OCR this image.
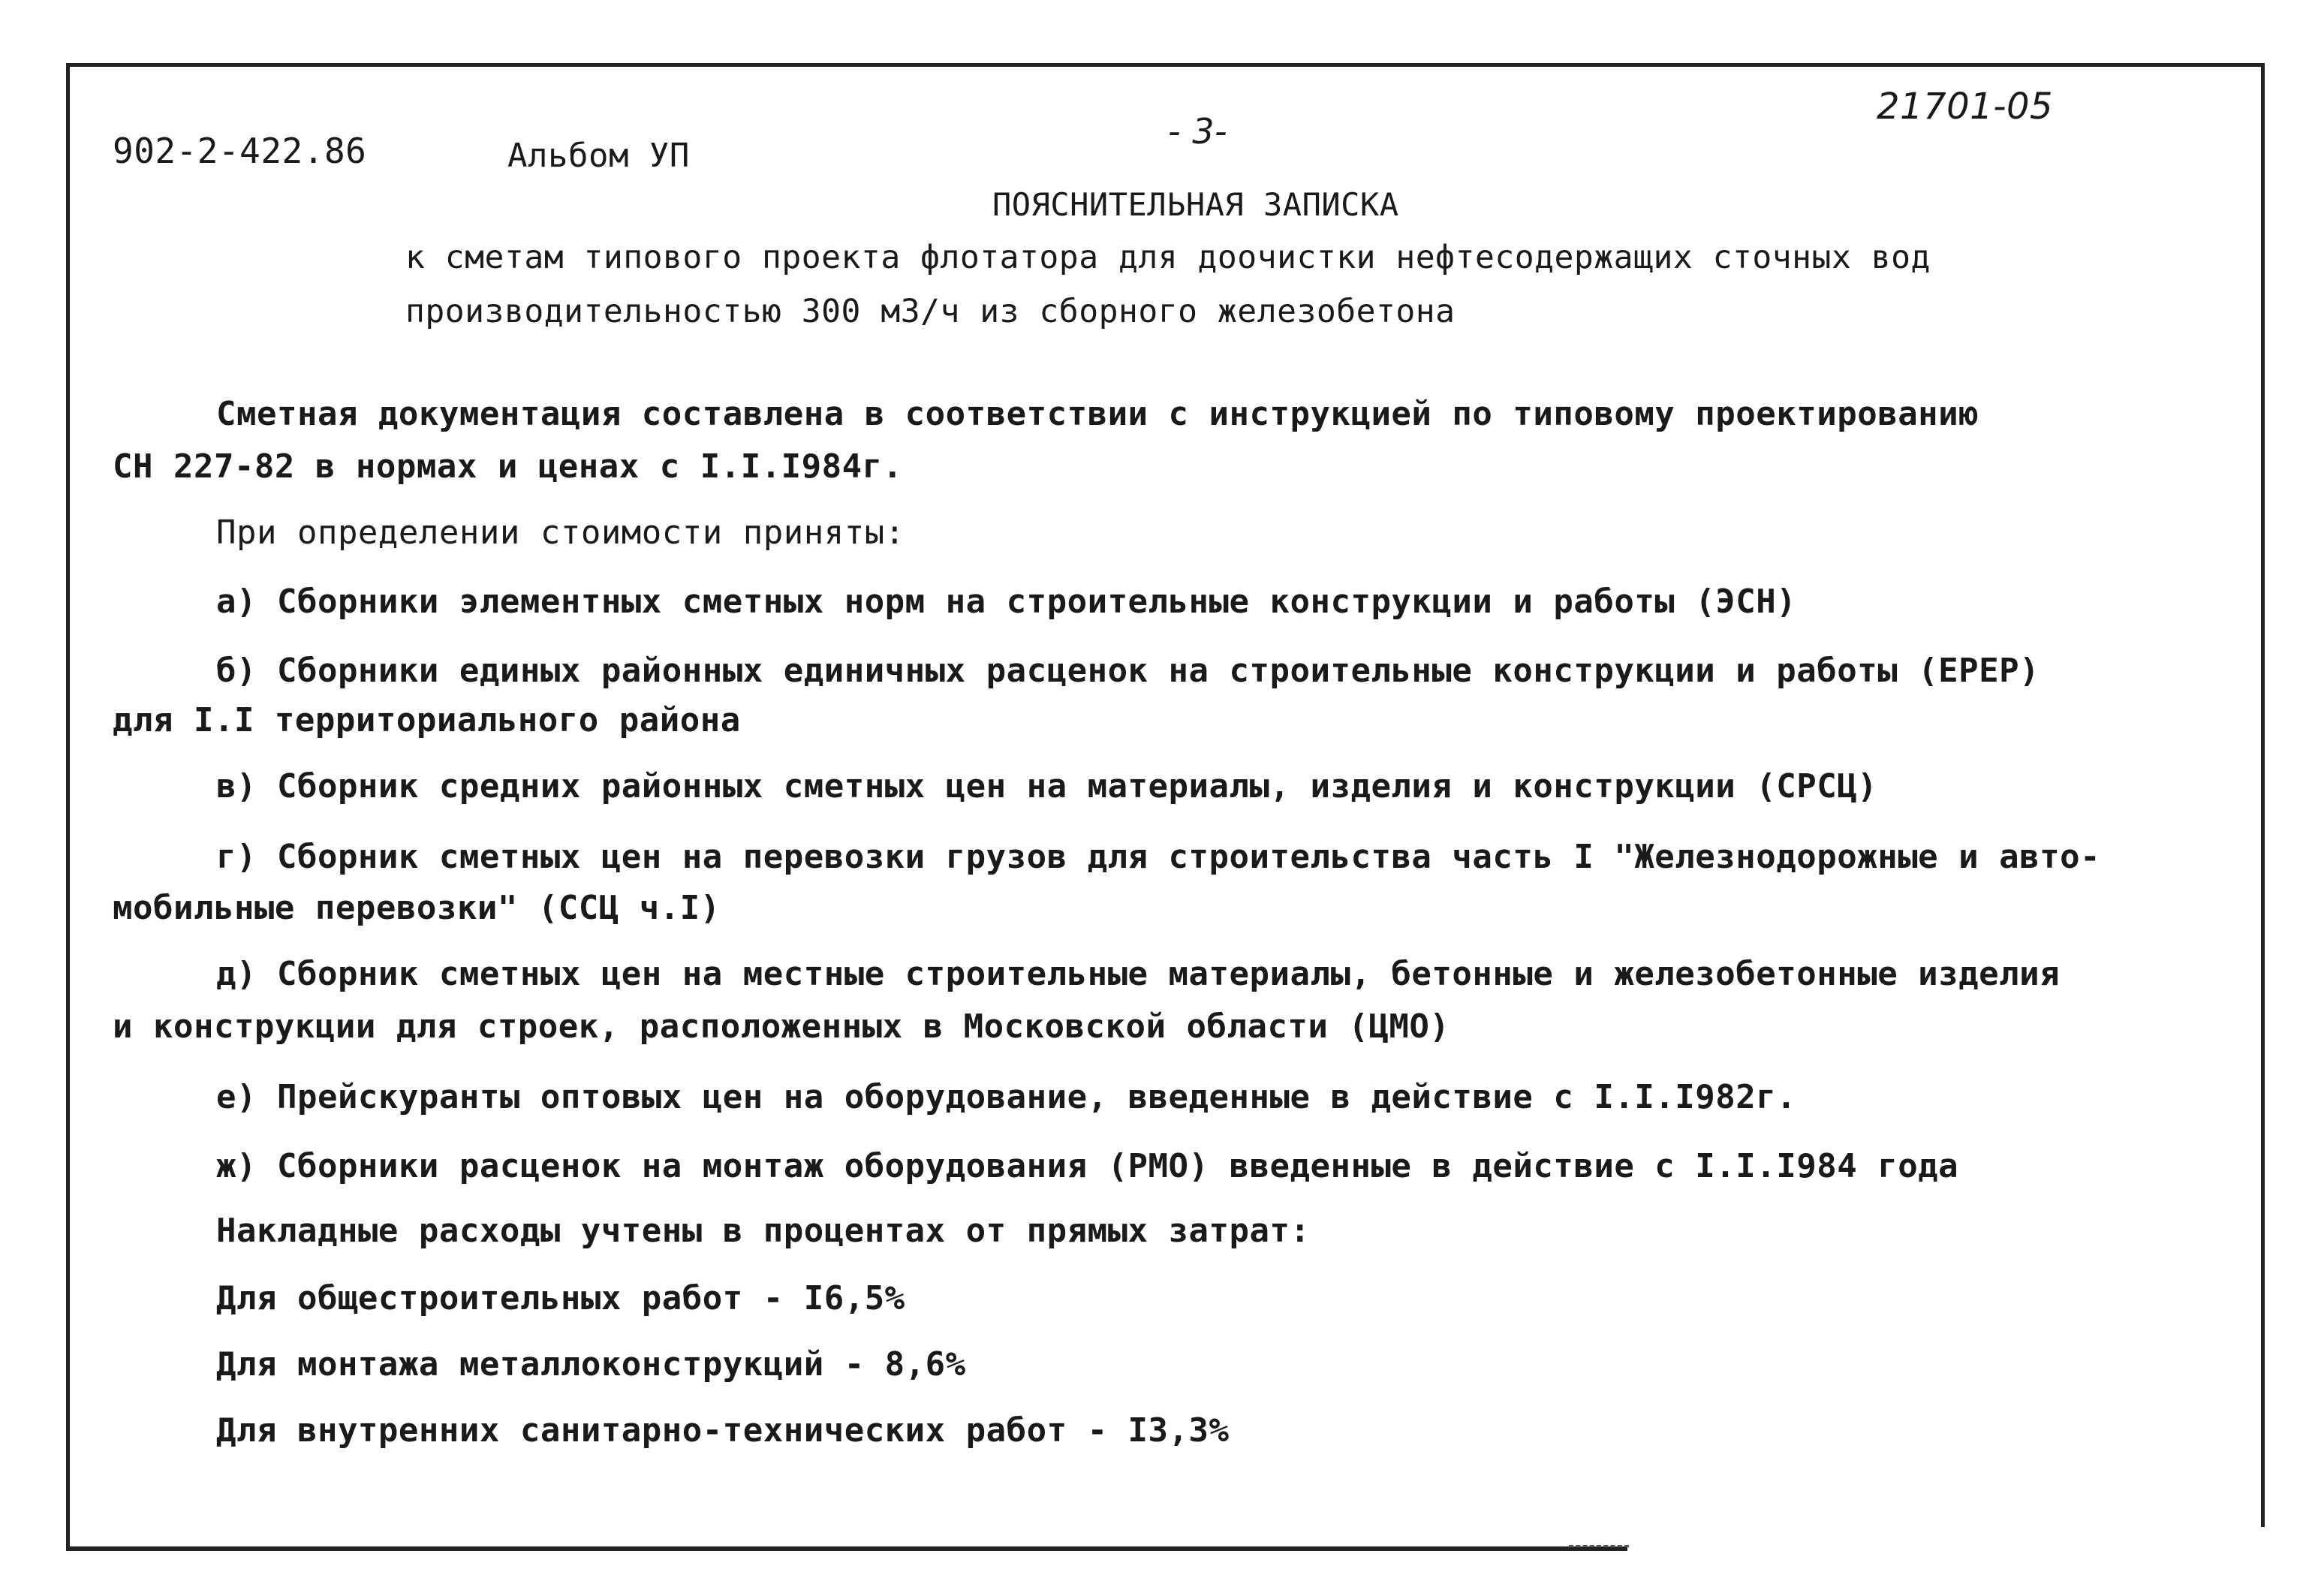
902-2-422.86	Альбом УП
- 3-
21701-05
ПОЯСНИТЕЛЬНАЯ ЗАПИСКА
к сметам типового проекта флотатора для доочистки нефтесодержащих сточных вод
производительностью 300 м3/ч из сборного железобетона
Сметная документация составлена в соответствии с инструкцией по типовому проектированию
СН 227-82 в нормах и ценах с I.I.I984г.
При определении стоимости приняты:
а) Сборники элементных сметных норм на строительные конструкции и работы (ЭСН)
б) Сборники единых районных единичных расценок на строительные конструкции и работы (ЕРЕР)
для I.I территориального района
в) Сборник средних районных сметных цен на материалы, изделия и конструкции (СРСЦ)
г) Сборник сметных цен на перевозки грузов для строительства часть I "Железнодорожные и авто-
мобильные перевозки" (ССЦ ч.I)
д) Сборник сметных цен на местные строительные материалы, бетонные и железобетонные изделия
и конструкции для строек, расположенных в Московской области (ЦМО)
е) Прейскуранты оптовых цен на оборудование, введенные в действие с I.I.I982г.
ж) Сборники расценок на монтаж оборудования (РМО) введенные в действие с I.I.I984 года
Накладные расходы учтены в процентах от прямых затрат:
Для общестроительных работ - I6,5%
Для монтажа металлоконструкций - 8,6%
Для внутренних санитарно-технических работ - I3,3%
